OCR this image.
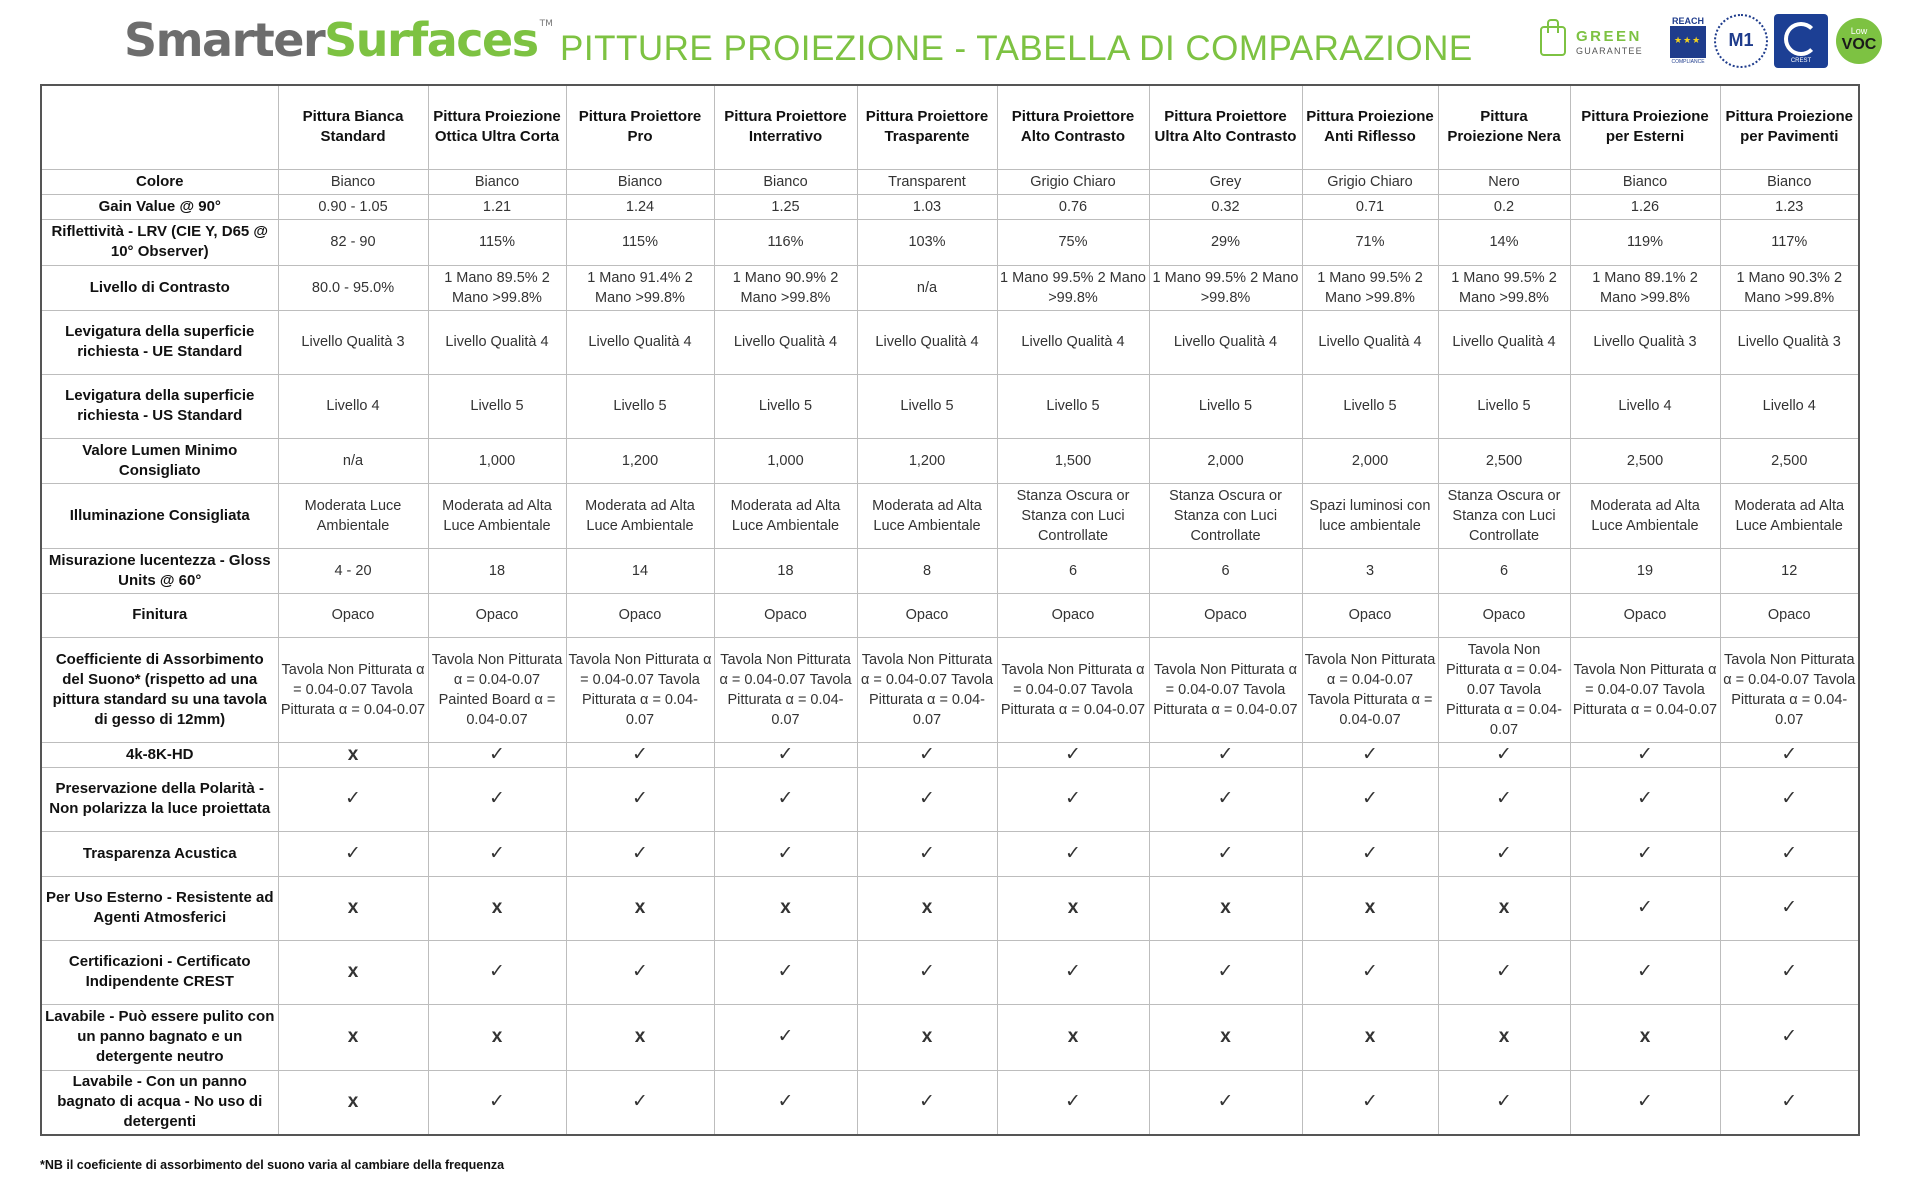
SmarterSurfaces ™
PITTURE PROIEZIONE - TABELLA DI COMPARAZIONE	GREEN
GUARANTEE
REACH
★★★
COMPLIANCE
M1
CREST
Low
VOC
	Pittura Bianca Standard	Pittura Proiezione Ottica Ultra Corta	Pittura Proiettore Pro	Pittura Proiettore Interrativo	Pittura Proiettore Trasparente	Pittura Proiettore Alto Contrasto	Pittura Proiettore Ultra Alto Contrasto	Pittura Proiezione Anti Riflesso	Pittura Proiezione Nera	Pittura Proiezione per Esterni	Pittura Proiezione per Pavimenti
Colore	Bianco	Bianco	Bianco	Bianco	Transparent	Grigio Chiaro	Grey	Grigio Chiaro	Nero	Bianco	Bianco
Gain Value @ 90°	0.90 - 1.05	1.21	1.24	1.25	1.03	0.76	0.32	0.71	0.2	1.26	1.23
Riflettività - LRV (CIE Y, D65 @ 10° Observer)	82 - 90	115%	115%	116%	103%	75%	29%	71%	14%	119%	117%
Livello di Contrasto	80.0 - 95.0%	1 Mano 89.5% 2 Mano >99.8%	1 Mano 91.4% 2 Mano >99.8%	1 Mano 90.9% 2 Mano >99.8%	n/a	1 Mano 99.5% 2 Mano >99.8%	1 Mano 99.5% 2 Mano >99.8%	1 Mano 99.5% 2 Mano >99.8%	1 Mano 99.5% 2 Mano >99.8%	1 Mano 89.1% 2 Mano >99.8%	1 Mano 90.3% 2 Mano >99.8%
Levigatura della superficie richiesta - UE Standard	Livello Qualità 3	Livello Qualità 4	Livello Qualità 4	Livello Qualità 4	Livello Qualità 4	Livello Qualità 4	Livello Qualità 4	Livello Qualità 4	Livello Qualità 4	Livello Qualità 3	Livello Qualità 3
Levigatura della superficie richiesta - US Standard	Livello 4	Livello 5	Livello 5	Livello 5	Livello 5	Livello 5	Livello 5	Livello 5	Livello 5	Livello 4	Livello 4
Valore Lumen Minimo Consigliato	n/a	1,000	1,200	1,000	1,200	1,500	2,000	2,000	2,500	2,500	2,500
Illuminazione Consigliata	Moderata Luce Ambientale	Moderata ad Alta Luce Ambientale	Moderata ad Alta Luce Ambientale	Moderata ad Alta Luce Ambientale	Moderata ad Alta Luce Ambientale	Stanza Oscura or Stanza con Luci Controllate	Stanza Oscura or Stanza con Luci Controllate	Spazi luminosi con luce ambientale	Stanza Oscura or Stanza con Luci Controllate	Moderata ad Alta Luce Ambientale	Moderata ad Alta Luce Ambientale
Misurazione lucentezza - Gloss Units @ 60°	4 - 20	18	14	18	8	6	6	3	6	19	12
Finitura	Opaco	Opaco	Opaco	Opaco	Opaco	Opaco	Opaco	Opaco	Opaco	Opaco	Opaco
Coefficiente di Assorbimento del Suono* (rispetto ad una pittura standard su una tavola di gesso di 12mm)	Tavola Non Pitturata α = 0.04-0.07 Tavola Pitturata α = 0.04-0.07	Tavola Non Pitturata α = 0.04-0.07 Painted Board α = 0.04-0.07	Tavola Non Pitturata α = 0.04-0.07 Tavola Pitturata α = 0.04-0.07	Tavola Non Pitturata α = 0.04-0.07 Tavola Pitturata α = 0.04-0.07	Tavola Non Pitturata α = 0.04-0.07 Tavola Pitturata α = 0.04-0.07	Tavola Non Pitturata α = 0.04-0.07 Tavola Pitturata α = 0.04-0.07	Tavola Non Pitturata α = 0.04-0.07 Tavola Pitturata α = 0.04-0.07	Tavola Non Pitturata α = 0.04-0.07 Tavola Pitturata α = 0.04-0.07	Tavola Non Pitturata α = 0.04-0.07 Tavola Pitturata α = 0.04-0.07	Tavola Non Pitturata α = 0.04-0.07 Tavola Pitturata α = 0.04-0.07	Tavola Non Pitturata α = 0.04-0.07 Tavola Pitturata α = 0.04-0.07
4k-8K-HD	x	✓	✓	✓	✓	✓	✓	✓	✓	✓	✓
Preservazione della Polarità - Non polarizza la luce proiettata	✓	✓	✓	✓	✓	✓	✓	✓	✓	✓	✓
Trasparenza Acustica	✓	✓	✓	✓	✓	✓	✓	✓	✓	✓	✓
Per Uso Esterno - Resistente ad Agenti Atmosferici	x	x	x	x	x	x	x	x	x	✓	✓
Certificazioni - Certificato Indipendente CREST	x	✓	✓	✓	✓	✓	✓	✓	✓	✓	✓
Lavabile - Può essere pulito con un panno bagnato e un detergente neutro	x	x	x	✓	x	x	x	x	x	x	✓
Lavabile - Con un panno bagnato di acqua - No uso di detergenti	x	✓	✓	✓	✓	✓	✓	✓	✓	✓	✓
*NB il coeficiente di assorbimento del suono varia al cambiare della frequenza
